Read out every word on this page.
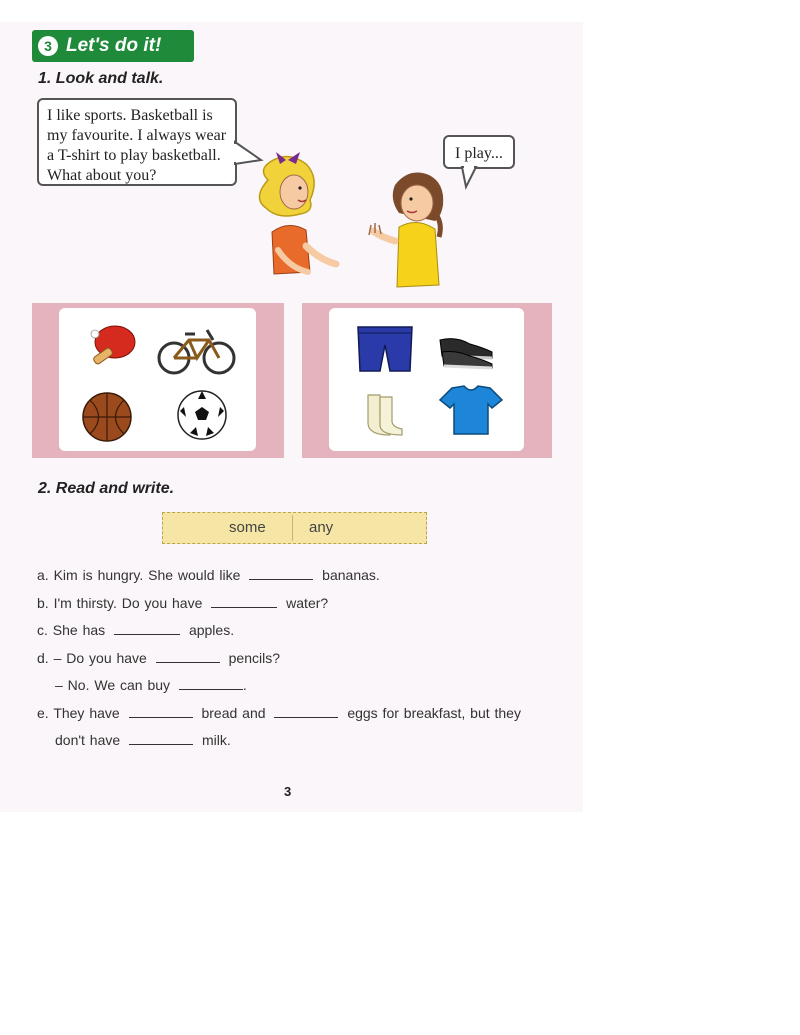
3 Let's do it!
1. Look and talk.
I like sports. Basketball is
my favourite. I always wear
a T-shirt to play basketball.
What about you?
I play...
2. Read and write.
some	any
a. Kim is hungry. She would like	bananas.
b. I'm thirsty. Do you have	water?
c. She has	apples.
d. – Do you have	pencils?
– No. We can buy	.
e. They have	bread and	eggs for breakfast, but they
don't have	milk.
3
